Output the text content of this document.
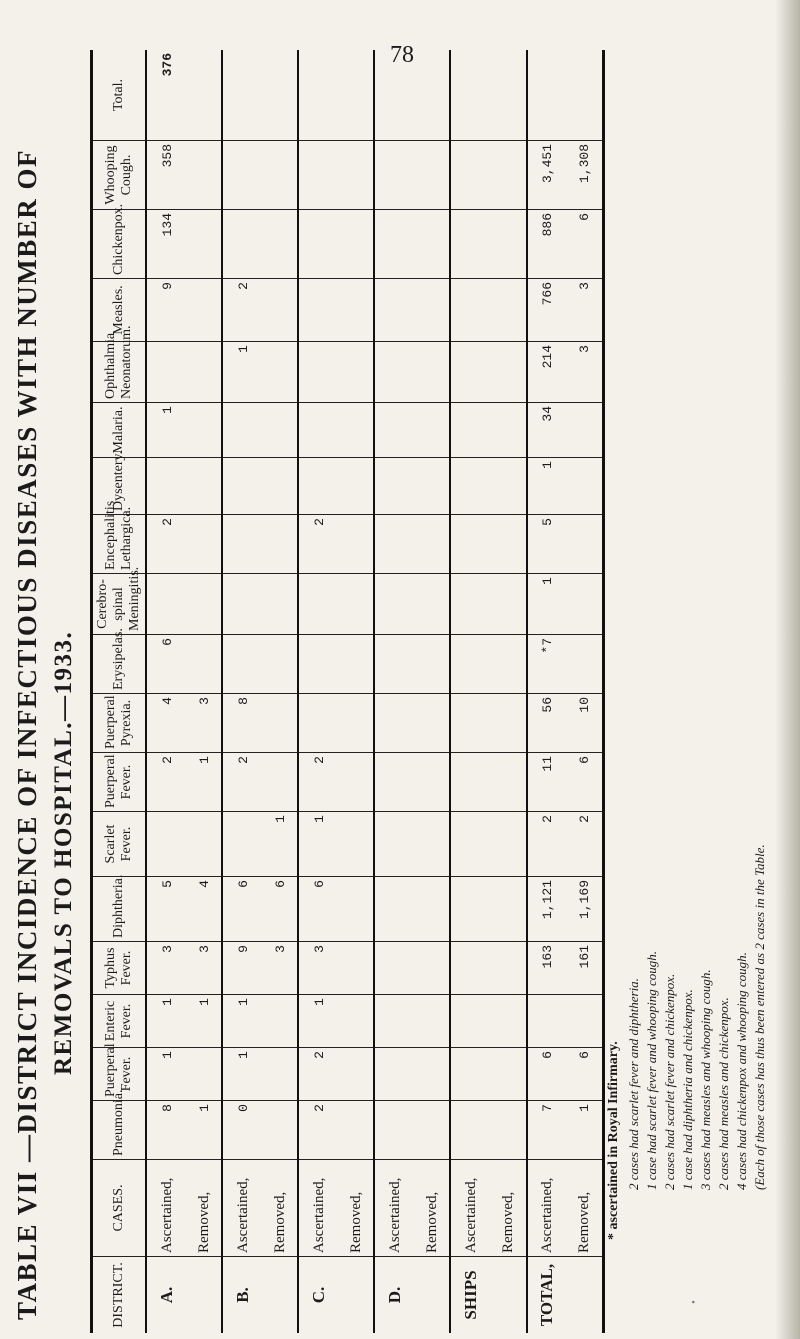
78
TABLE VII —DISTRICT INCIDENCE OF INFECTIOUS DISEASES WITH NUMBER OF REMOVALS TO HOSPITAL.—1933.
DISTRICT.	CASES.	Pneumonia.	Puerperal Fever.	Enteric Fever.	Typhus Fever.	Diphtheria.	Scarlet Fever.	Puerperal Fever.	Puerperal Pyrexia.	Erysipelas.	Cerebro-spinal Meningitis.	Encephalitis Lethargica.	Dysentery.	Malaria.	Ophthalmia Neonatorum.	Measles.	Chickenpox.	Whooping Cough.	Total.
A.	Ascertained,	8	1	1	3	5		2	4	6		2		1		9	134	358	376
	Removed,	1		1	3	4		1	3										
B.	Ascertained,	0	1	1	9	6		2	8						1	2			
	Removed,				3	6	1												
C.	Ascertained,	2	2	1	3	6	1	2				2							
	Removed,																		
D.	Ascertained,																		
	Removed,																		
SHIPS	Ascertained,																		
	Removed,																		
TOTAL,	Ascertained,	7	6		163	1,121	2	11	56	*7	1	5	1	34	214	766	886	3,451	
	Removed,	1	6		161	1,169	2	6	10						3	3	6	1,308	
* ascertained in Royal Infirmary.
ᐧ
2 cases had scarlet fever and diphtheria. 1 case had scarlet fever and whooping cough. 2 cases had scarlet fever and chickenpox. 1 case had diphtheria and chickenpox. 3 cases had measles and whooping cough. 2 cases had measles and chickenpox. 4 cases had chickenpox and whooping cough. (Each of those cases has thus been entered as 2 cases in the Table.
